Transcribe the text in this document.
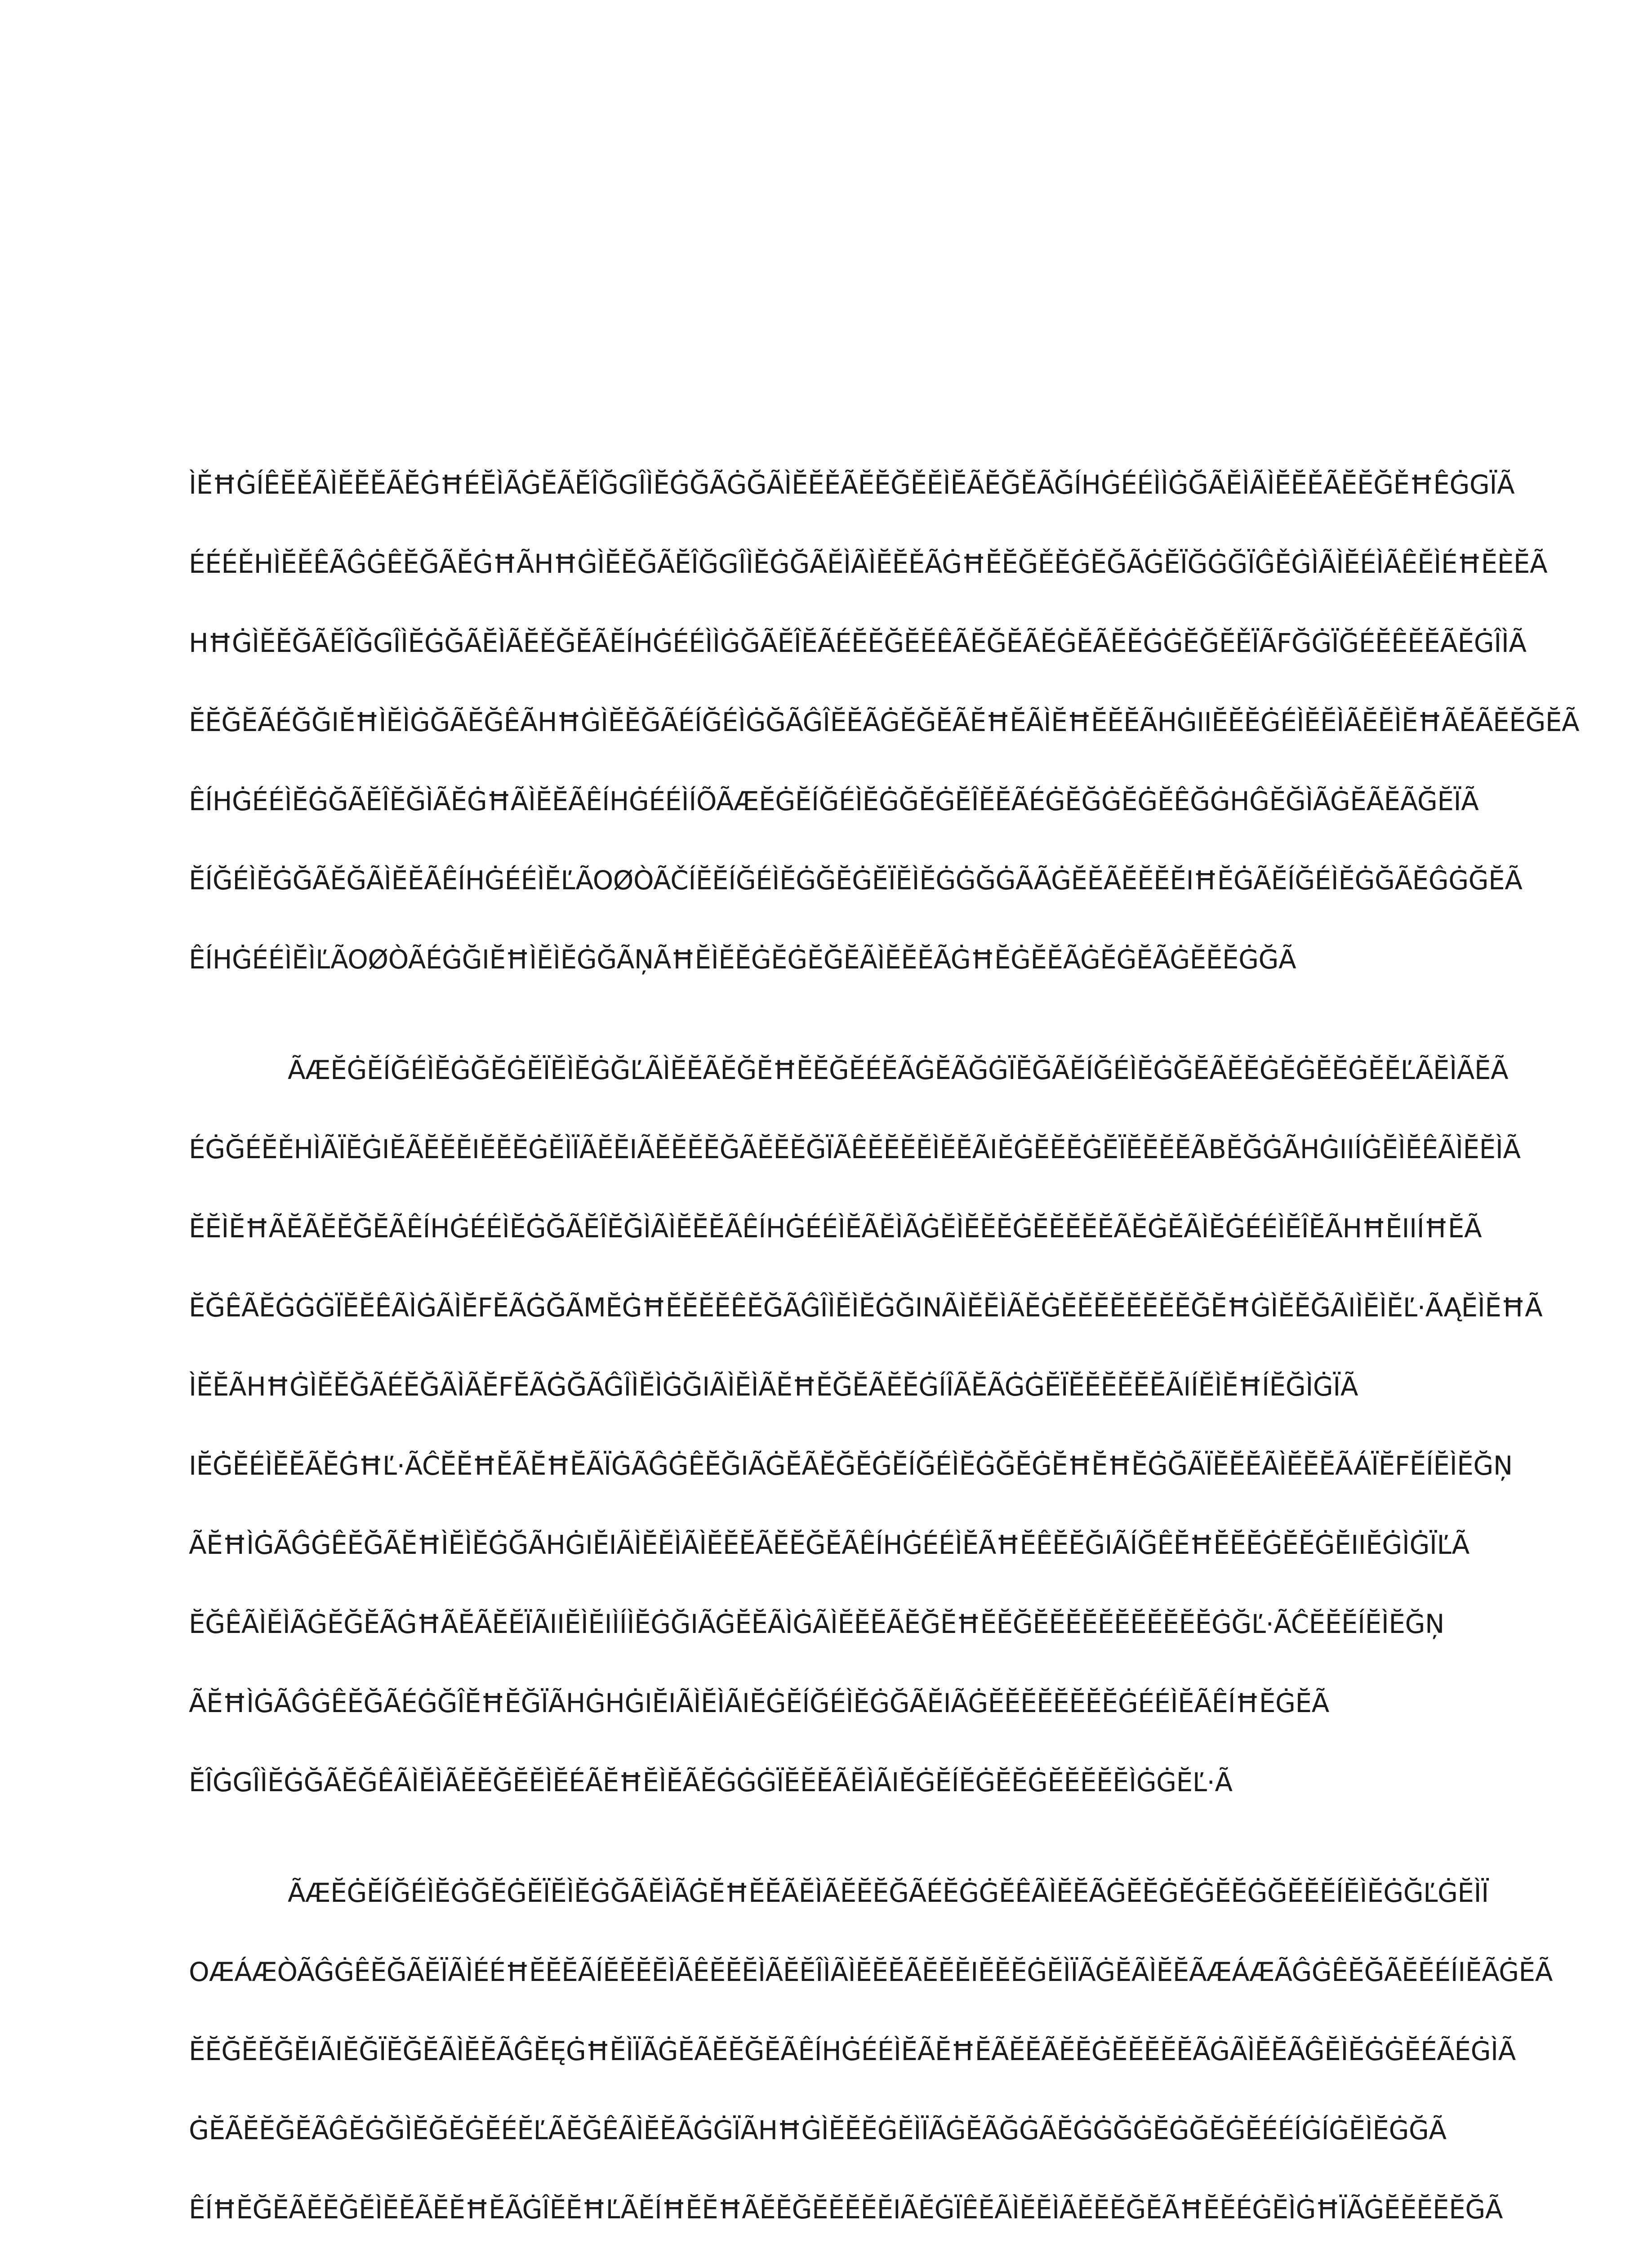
ÌĚĦĠÍÊĔĚÃÌĔĔĚÃĔĠĦÉĔÌÃĠĔÃĔÎĞGÎÌĔĠĞÃĠĞÃÌĔĔĚÃĔĔĞĚĔÌĔÃĔĞĚÃĞÍHĠÉÉÌÌĠĞÃĔÌÃÌĔĔĚÃĔĔĞĚĦÊĠGÏÃ
ÉÉÉĚHÌĔĔÊÃĜĠÊĔĞÃĔĠĦÃHĦĠÌĔĔĞÃĔÎĞGÎÌĔĠĞÃĔÌÃÌĔĔĚÃĠĦĔĔĞĚĔĠĔĞÃĠĔÏĞĠĞÏĜĚĠÌÃÌĔÉÌÃÊĔÌÉĦĔÈĔÃ
HĦĠÌĔĔĞÃĔÎĞGÎÌĔĠĞÃĔÌÃĔĚĞĔÃĔÍHĠÉÉÌÌĠĞÃĔÎĔÃÉĔĔĞĔĔÊÃĔĞĔÃĔĠĔÃĔĔĠĠĔĞĔĚÏÃFĞĠÏĞÉĔÊĔĔÃĔĠÎÌÃ
ĔĔĞĔÃÉĞĞIĔĦÌĔÌĠĞÃĔĞÊÃHĦĠÌĔĔĞÃÉÍĞÉÌĠĞÃĜÎĔĔÃĠĔĞĔÃĔĦĔÃÌĔĦĔĔĔÃHĠIIĔĔĔĠÉÌĔĔÌÃĔĔÌĔĦÃĔÃĔĔĞĔÃ
ÊÍHĠÉÉÌĔĠĞÃĔÎĔĞÌÃĔĠĦÃÌĔĔÃÊÍHĠÉÉÌÍÕÃÆĔĠĔÍĞÉÌĔĠĞĔĠĔÎĔĔÃÉĠĔĞĠĔĠĔÊĞĠHĜĔĞÌÃĠĔÃĔÃĞĔÏÃ
ĔÍĞÉÌĔĠĞÃĔĞÃÌĔĔÃÊÍHĠÉÉÌĔĽÃOØÒÃČÍĔĔÍĞÉÌĔĠĞĔĠĔÏĔÌĔĠĠĞĠÃÃĠĔĔÃĔĔĔĔIĦĔĠÃĔÍĞÉÌĔĠĞÃĔĜĠĞĔÃ
ÊÍHĠÉÉÌĔÌĽÃOØÒÃÉĠĞIĔĦÌĔÌĔĠĞÃŅÃĦĔÌĔĔĠĔĠĔĞĔÃÌĔĔĔÃĠĦĔĠĔĔÃĠĔĠĔÃĠĔĔĔĠĞÃ
ÃÆĔĠĔÍĞÉÌĔĠĞĔĠĔÏĔÌĔĠĞĽÃÌĔĔÃĔĞĔĦĔĔĞĔÉĔÃĠĔÃĞĠÏĔĞÃĔÍĞÉÌĔĠĞĔÃĔĔĠĔĠĔĔĠĔĔĽÃĔÌÃĔÃ
ÉĠĞÉĔĚHÌÃÏĔĠIĔÃĔĔĔIĔĔĔĠĔÌÏÃĔĔIÃĔĔĔĔĞÃĔĔĔĞÏÃÊĔĔĔĔÌĔĔÃIĔĠĔĔĔĠĔÏĔĔĔĔÃBĔĞĠÃHĠIIÍĠĔÌĔÊÃÌĔĔÌÃ
ĔĔÌĔĦÃĔÃĔĔĞĔÃÊÍHĠÉÉÌĔĠĞÃĔÎĔĞÌÃÌĔĔĔÃÊÍHĠÉÉÌĔÃĔÌÃĠĔÌĔĔĔĠĔĔĔĔĔÃĔĠĔÃÌĔĠÉÉÌĔÎĔÃHĦĔIIÍĦĔÃ
ĔĞÊÃĔĠĠĠÏĔĔÊÃÌĠÃÌĔFĔÃĠĞÃMĔĠĦĔĔĔĔÊĔĞÃĜÎÌĔÌĔĠĞINÃÌĔĔÌÃĔĠĔĔĔĔĔĔĔĔĞĔĦĠÌĔĔĞÃIÌĔÌĔĽ·ÃĄĔÌĔĦÃ
ÌĔĔÃHĦĠÌĔĔĞÃÉĔĞÃÌÃĔFĔÃĠĞÃĜÎÌĔÌĠĞIÃÌĔÌÃĔĦĔĞĔÃĔĔĠÍÎÃĔÃĠĠĔÏĔĔĔĔĔĔÃIÍĔÌĔĦÍĔĞÌĠÏÃ
IĔĠĔÉÌĔĔÃĔĠĦĽ·ÃĈĔĔĦĔÃĔĦĔÃÏĠÃĜĠÊĔĞIÃĠĔÃĔĞĔĠĔÍĞÉÌĔĠĞĔĠĔĦĔĦĔĠĞÃÏĔĔĔÃÌĔĔĔÃÁÏĔFĔÍĔÌĔĞŅ
ÃĔĦÌĠÃĜĠÊĔĞÃĔĦÌĔÌĔĠĞÃHĠIĔIÃÌĔĔÌÃÌĔĔĔÃĔĔĞĔÃÊÍHĠÉÉÌĔÃĦĔÊĔĔĞIÃÍĞÊĔĦĔĔĔĠĔĔĠĔIIĔĠÌĠÏĽÃ
ĔĞÊÃÌĔÌÃĠĔĞĔÃĠĦÃĔÃĔĔÏÃIIĔÌĔIÌÍÌĔĠĞIÃĠĔĔÃÌĠÃÌĔĔĔÃĔĞĔĦĔĔĞĔĔĔĔĔĔĔĔĔĔĔĠĞĽ·ÃĈĔĔĔÍĔÌĔĞŅ
ÃĔĦÌĠÃĜĠÊĔĞÃÉĠĞÎĔĦĔĞÏÃHĠHĠIĔIÃÌĔÌÃIĔĠĔÍĞÉÌĔĠĞÃĔIÃĠĔĔĔĔĔĔĔĔĠÉÉÌĔÃÊÍĦĔĠĔÃ
ĔÎĠGÎÌĔĠĞÃĔĞÊÃÌĔÌÃĔĔĞĔĔÌĔÉÃĔĦĔÌĔÃĔĠĠĠÏĔĔĔÃĔÌÃIĔĠĔÍĔĠĔĔĠĔĔĔĔĔÌĠĠĔĽ·Ã
ÃÆĔĠĔÍĞÉÌĔĠĞĔĠĔÏĔÌĔĠĞÃĔÌÃĠĔĦĔĔÃĔÌÃĔĔĔĞÃÉĔĠĠĔÊÃÌĔĔÃĠĔĔĠĔĠĔĔĠĞĔĔĔÍĔÌĔĠĞĽĠĔÌÏ
OÆÁÆÒÃĜĠÊĔĞÃĔÏÃÌÉÉĦĔĔĔÃÍĔĔĔĔÌÃÊĔĔĔÌÃĔĔÎÌÃÌĔĔĔÃĔĔĔIĔĔĔĠĔÌÏÃĠĔÃÌĔĔÃÆÁÆÃĜĠÊĔĞÃĔĔÉÍIĔÃĠĔÃ
ĔĔĞĔĔĞĔIÃIĔĞÏĔĞĔÃÌĔĔÃĜĔĘĠĦĔÌÏÃĠĔÃĔĔĞĔÃÊÍHĠÉÉÌĔÃĔĦĔÃĔĔÃĔĔĠĔĔĔĔĔÃĠÃÌĔĔÃĜĔÌĔĠĠĔÉÃÉĠÌÃ
ĠĔÃĔĔĞĔÃĜĔĠĞÌĔĞĔĠĔÉĔĽÃĔĞÊÃÌĔĔÃĠĠÏÃHĦĠÌĔĔĔĠĔÌÏÃĠĔÃĞĠÃĔĠĠĞĠĔĠĞĔĠĔÉÉÍĠÍĠĔÌĔĠĞÃ
ÊÍĦĔĞĔÃĔĔĞĔÌĔĔÃĔĔĦĔÃĠÎĔĔĦĽÃĔÍĦĔĔĦÃĔĔĞĔĔĔĔĔIÃĔĠÏÊĔÃÌĔĔÌÃĔĔĔĞĔÃĦĔĔÉĠĔÌĠĦÏÃĠĔĔĔĔĔĞÃ
